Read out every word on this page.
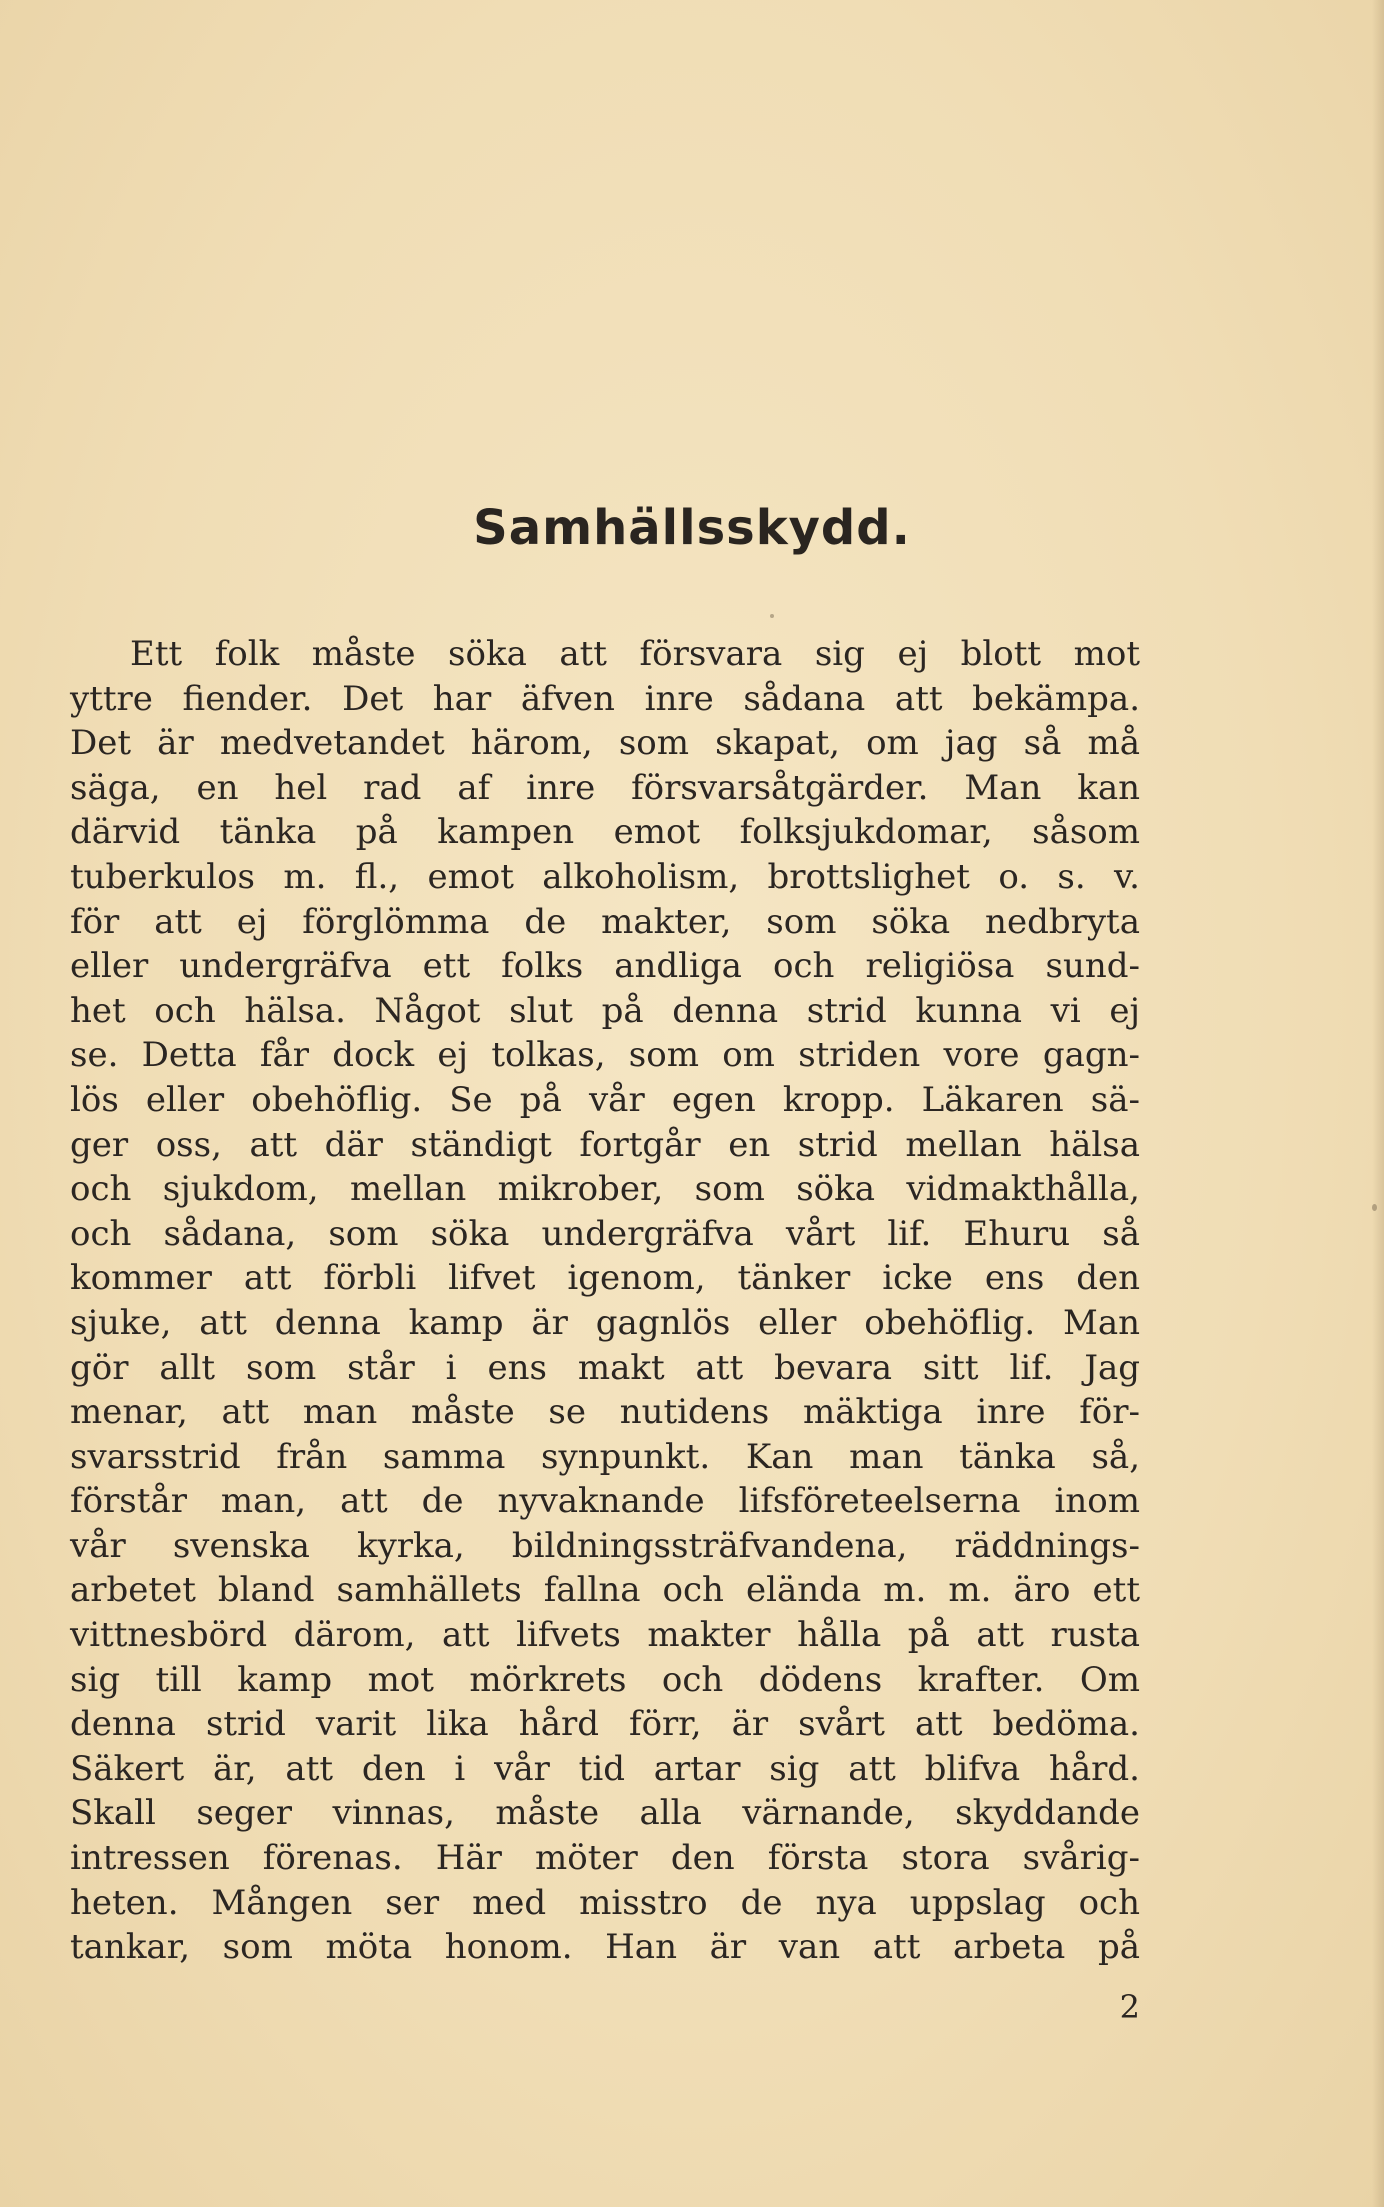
Samhällsskydd.
Ett folk måste söka att försvara sig ej blott mot
yttre fiender. Det har äfven inre sådana att bekämpa.
Det är medvetandet härom, som skapat, om jag så må
säga, en hel rad af inre försvarsåtgärder. Man kan
därvid tänka på kampen emot folksjukdomar, såsom
tuberkulos m. fl., emot alkoholism, brottslighet o. s. v.
för att ej förglömma de makter, som söka nedbryta
eller undergräfva ett folks andliga och religiösa sund-
het och hälsa. Något slut på denna strid kunna vi ej
se. Detta får dock ej tolkas, som om striden vore gagn-
lös eller obehöflig. Se på vår egen kropp. Läkaren sä-
ger oss, att där ständigt fortgår en strid mellan hälsa
och sjukdom, mellan mikrober, som söka vidmakthålla,
och sådana, som söka undergräfva vårt lif. Ehuru så
kommer att förbli lifvet igenom, tänker icke ens den
sjuke, att denna kamp är gagnlös eller obehöflig. Man
gör allt som står i ens makt att bevara sitt lif. Jag
menar, att man måste se nutidens mäktiga inre för-
svarsstrid från samma synpunkt. Kan man tänka så,
förstår man, att de nyvaknande lifsföreteelserna inom
vår svenska kyrka, bildningssträfvandena, räddnings-
arbetet bland samhällets fallna och elända m. m. äro ett
vittnesbörd därom, att lifvets makter hålla på att rusta
sig till kamp mot mörkrets och dödens krafter. Om
denna strid varit lika hård förr, är svårt att bedöma.
Säkert är, att den i vår tid artar sig att blifva hård.
Skall seger vinnas, måste alla värnande, skyddande
intressen förenas. Här möter den första stora svårig-
heten. Mången ser med misstro de nya uppslag och
tankar, som möta honom. Han är van att arbeta på
2
